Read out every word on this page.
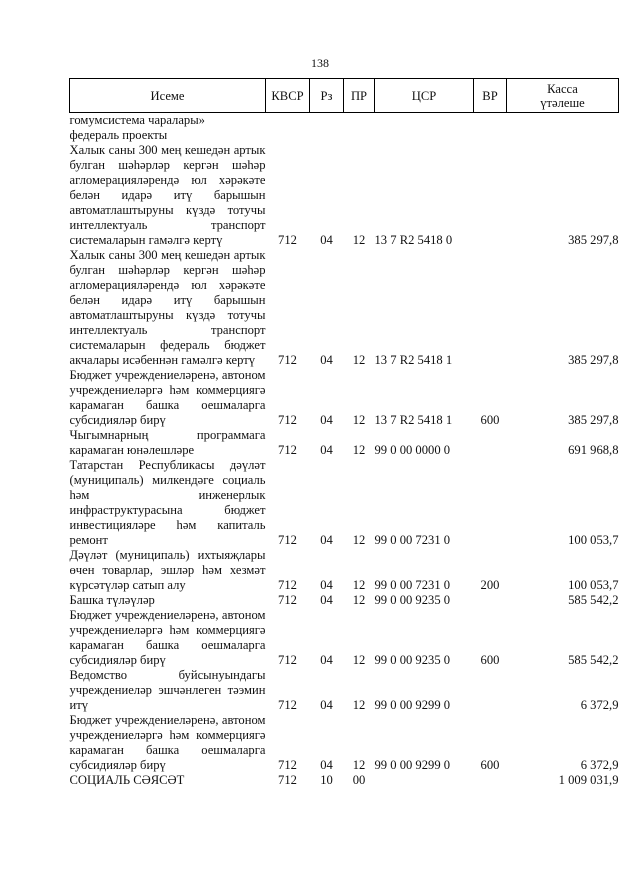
138
Исеме	КВСР	Рз	ПР	ЦСР	ВР	Касса
үтәлеше

гомумсистема чаралары»
федераль проекты						
Халык саны 300 мең кешедән артык булган шәһәрләр кергән шәһәр агломерацияләрендә юл хәрәкәте белән идарә итү барышын автоматлаштыруны күздә тотучы интеллектуаль транспорт системаларын гамәлгә кертү	712	04	12	13 7 R2 5418 0		385 297,8
Халык саны 300 мең кешедән артык булган шәһәрләр кергән шәһәр агломерацияләрендә юл хәрәкәте белән идарә итү барышын автоматлаштыруны күздә тотучы интеллектуаль транспорт системаларын федераль бюджет акчалары исәбеннән гамәлгә кертү	712	04	12	13 7 R2 5418 1		385 297,8
Бюджет учреждениеләренә, автоном учреждениеләргә һәм коммерциягә карамаган башка оешмаларга субсидияләр бирү	712	04	12	13 7 R2 5418 1	600	385 297,8
Чыгымнарның программага карамаган юнәлешләре	712	04	12	99 0 00 0000 0		691 968,8
Татарстан Республикасы дәүләт (муниципаль) милкендәге социаль һәм инженерлык инфраструктурасына бюджет инвестицияләре һәм капиталь ремонт	712	04	12	99 0 00 7231 0		100 053,7
Дәүләт (муниципаль) ихтыяҗлары өчен товарлар, эшләр һәм хезмәт күрсәтүләр сатып алу	712	04	12	99 0 00 7231 0	200	100 053,7
Башка түләүләр	712	04	12	99 0 00 9235 0		585 542,2
Бюджет учреждениеләренә, автоном учреждениеләргә һәм коммерциягә карамаган башка оешмаларга субсидияләр бирү	712	04	12	99 0 00 9235 0	600	585 542,2
Ведомство буйсынуындагы учреждениеләр эшчәнлеген тәэмин итү	712	04	12	99 0 00 9299 0		6 372,9
Бюджет учреждениеләренә, автоном учреждениеләргә һәм коммерциягә карамаган башка оешмаларга субсидияләр бирү	712	04	12	99 0 00 9299 0	600	6 372,9
СОЦИАЛЬ СӘЯСӘТ	712	10	00			1 009 031,9
